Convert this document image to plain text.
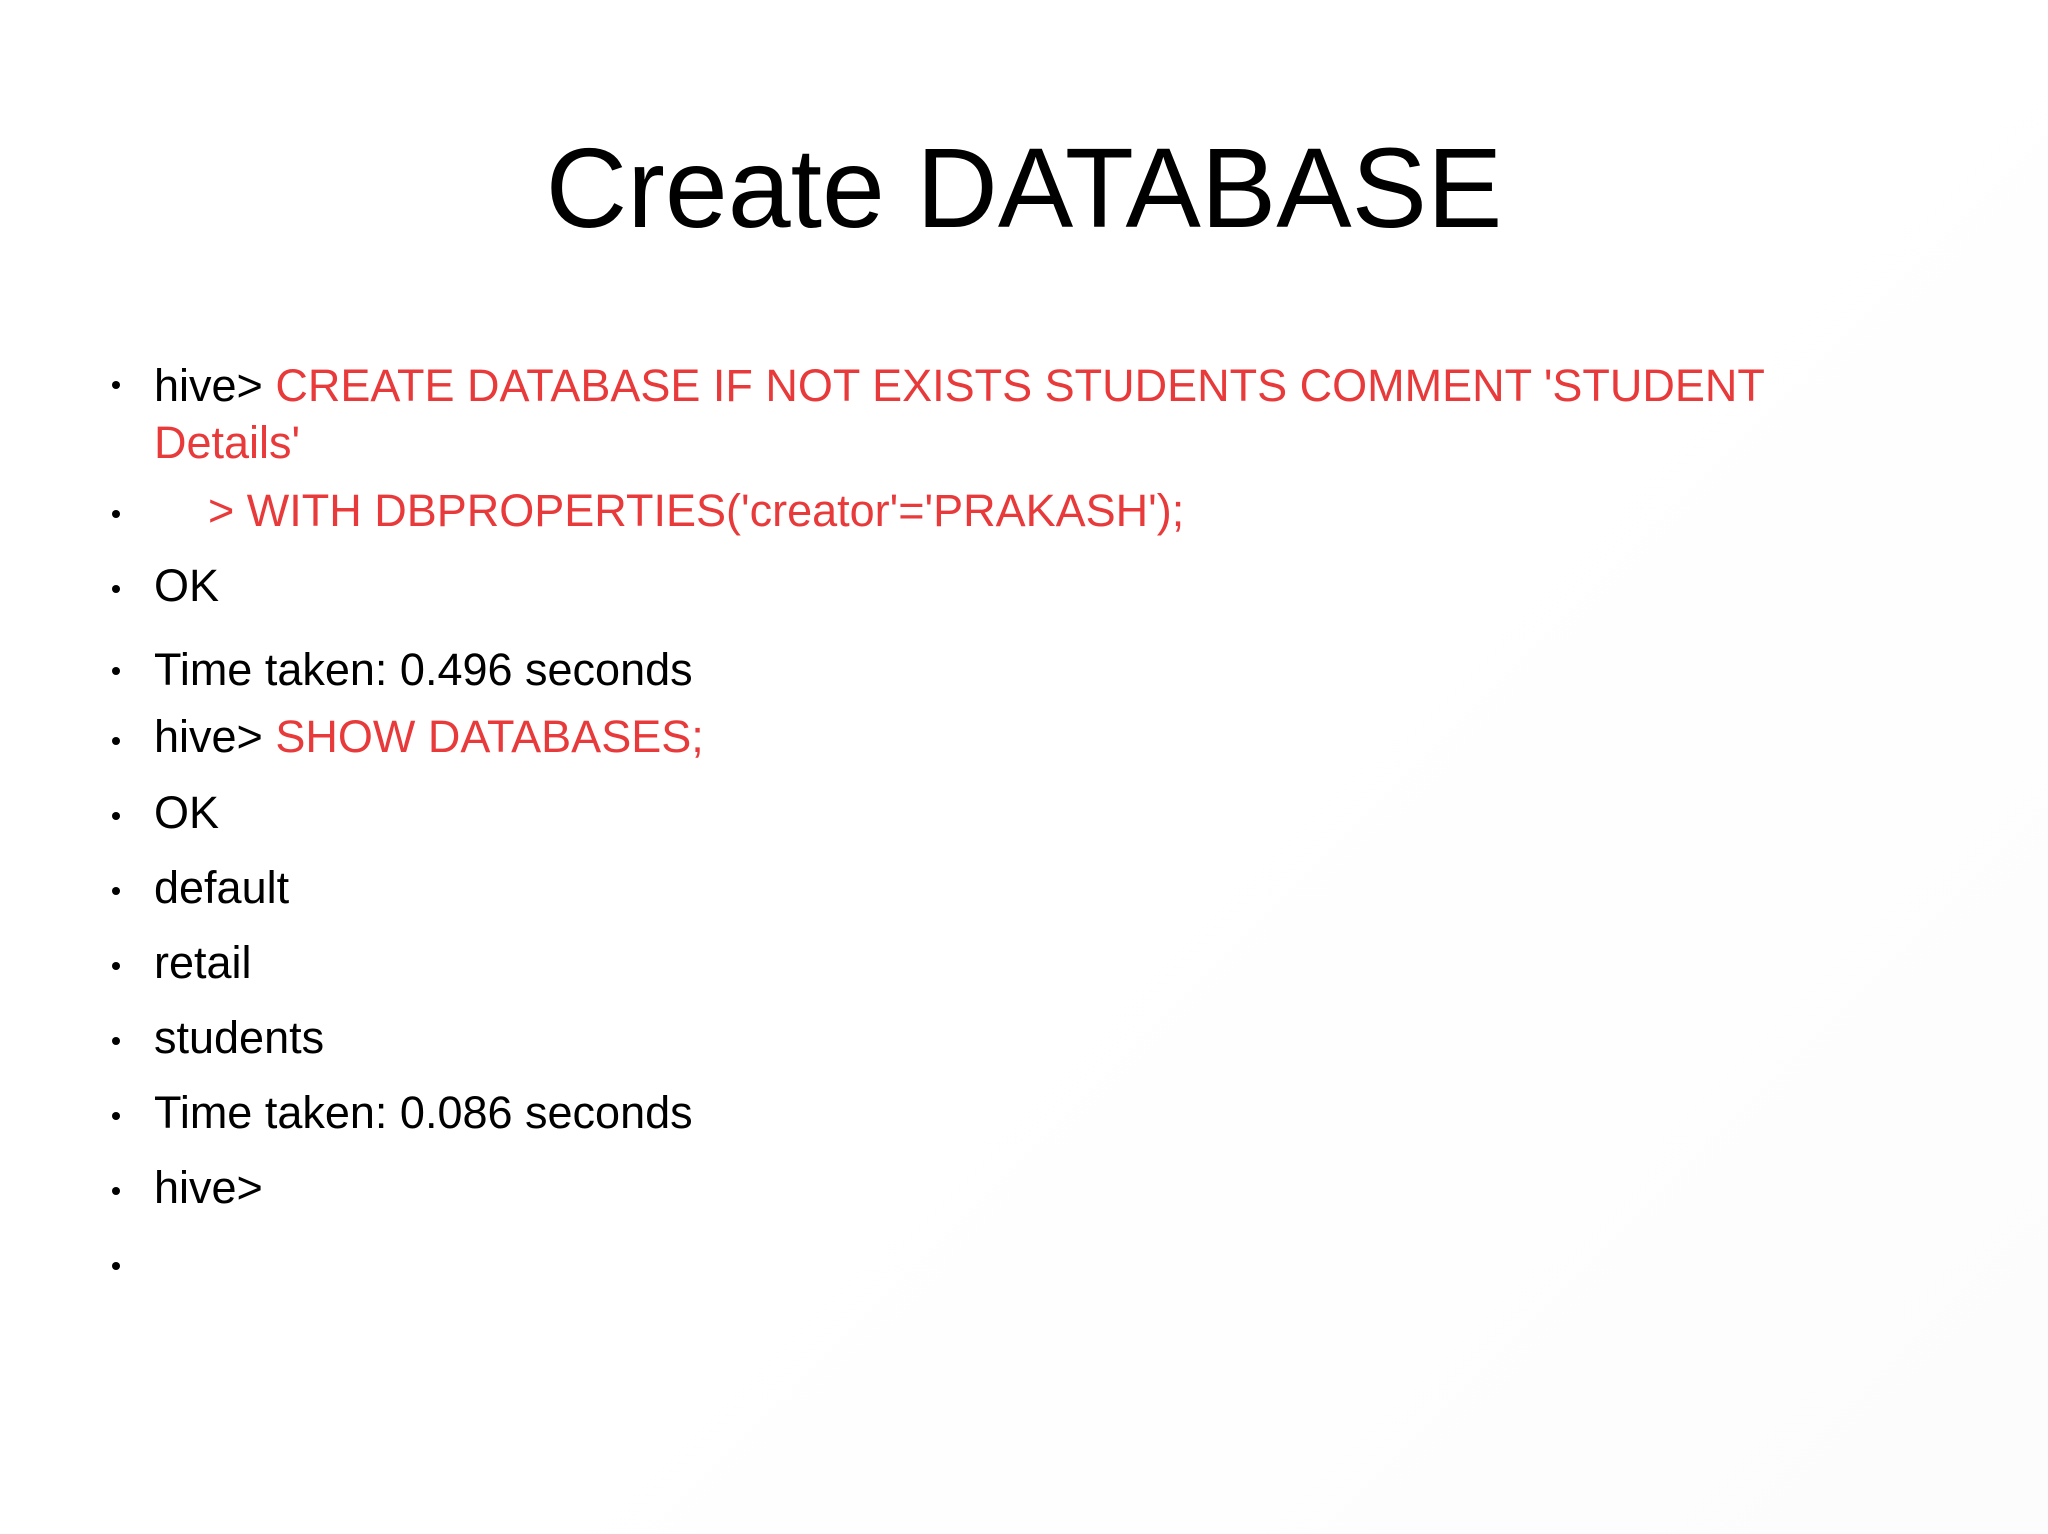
Create DATABASE
hive> CREATE DATABASE IF NOT EXISTS STUDENTS COMMENT 'STUDENT
Details'
> WITH DBPROPERTIES('creator'='PRAKASH');
OK
Time taken: 0.496 seconds
hive> SHOW DATABASES;
OK
default
retail
students
Time taken: 0.086 seconds
hive>
